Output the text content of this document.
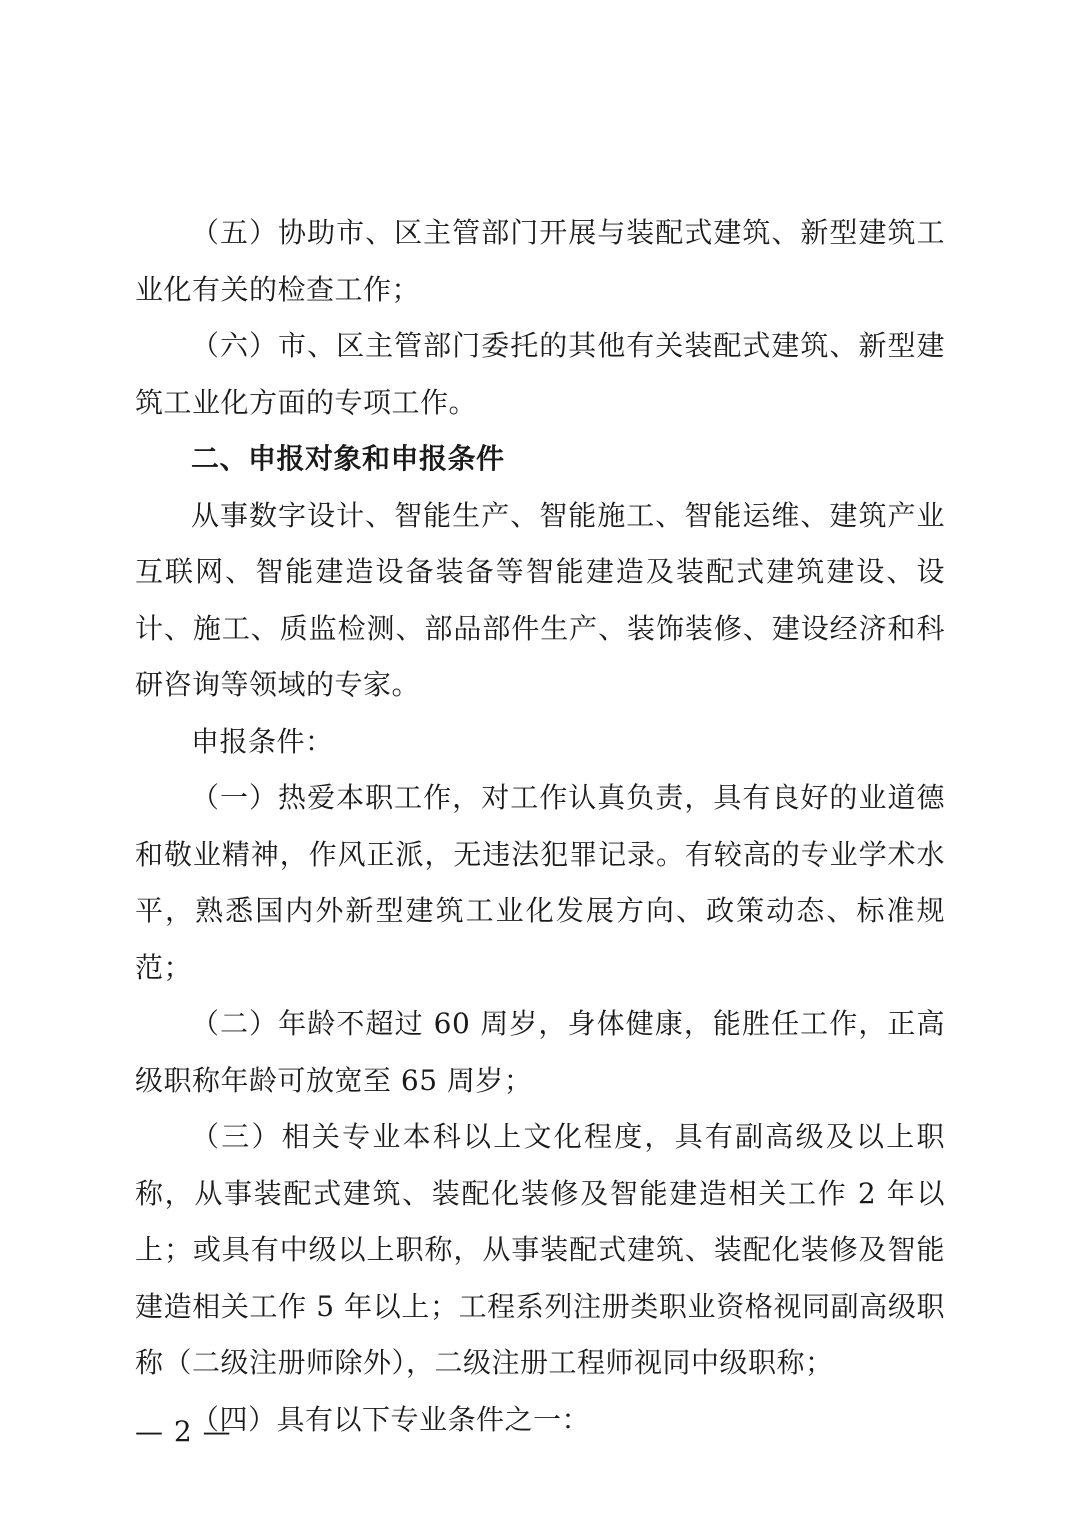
（五）协助市、区主管部门开展与装配式建筑、新型建筑工业化有关的检查工作；

（六）市、区主管部门委托的其他有关装配式建筑、新型建筑工业化方面的专项工作。

二、申报对象和申报条件

从事数字设计、智能生产、智能施工、智能运维、建筑产业互联网、智能建造设备装备等智能建造及装配式建筑建设、设计、施工、质监检测、部品部件生产、装饰装修、建设经济和科研咨询等领域的专家。

申报条件：

（一）热爱本职工作，对工作认真负责，具有良好的业道德和敬业精神，作风正派，无违法犯罪记录。有较高的专业学术水平，熟悉国内外新型建筑工业化发展方向、政策动态、标准规范；

（二）年龄不超过 60 周岁，身体健康，能胜任工作，正高级职称年龄可放宽至 65 周岁；

（三）相关专业本科以上文化程度，具有副高级及以上职称，从事装配式建筑、装配化装修及智能建造相关工作 2 年以上；或具有中级以上职称，从事装配式建筑、装配化装修及智能建造相关工作 5 年以上；工程系列注册类职业资格视同副高级职称（二级注册师除外），二级注册工程师视同中级职称；

（四）具有以下专业条件之一：

— 2 —
